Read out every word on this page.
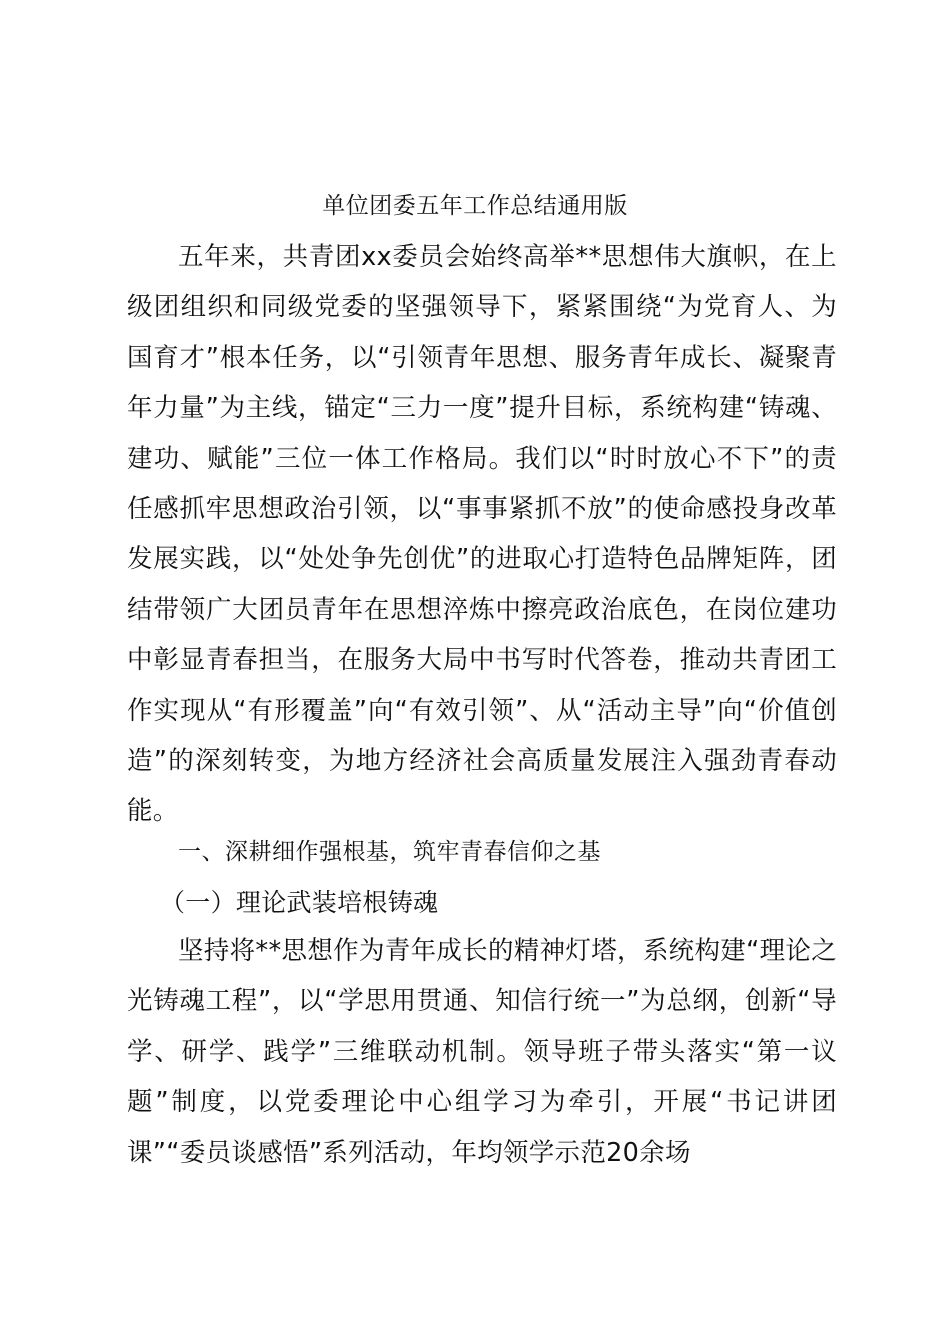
单位团委五年工作总结通用版

五年来，共青团xx委员会始终高举**思想伟大旗帜，在上级团组织和同级党委的坚强领导下，紧紧围绕“为党育人、为国育才”根本任务，以“引领青年思想、服务青年成长、凝聚青年力量”为主线，锚定“三力一度”提升目标，系统构建“铸魂、建功、赋能”三位一体工作格局。我们以“时时放心不下”的责任感抓牢思想政治引领，以“事事紧抓不放”的使命感投身改革发展实践，以“处处争先创优”的进取心打造特色品牌矩阵，团结带领广大团员青年在思想淬炼中擦亮政治底色，在岗位建功中彰显青春担当，在服务大局中书写时代答卷，推动共青团工作实现从“有形覆盖”向“有效引领”、从“活动主导”向“价值创造”的深刻转变，为地方经济社会高质量发展注入强劲青春动能。

一、深耕细作强根基，筑牢青春信仰之基
（一）理论武装培根铸魂

坚持将**思想作为青年成长的精神灯塔，系统构建“理论之光铸魂工程”，以“学思用贯通、知信行统一”为总纲，创新“导学、研学、践学”三维联动机制。领导班子带头落实“第一议题”制度，以党委理论中心组学习为牵引，开展“书记讲团课”“委员谈感悟”系列活动，年均领学示范20余场
